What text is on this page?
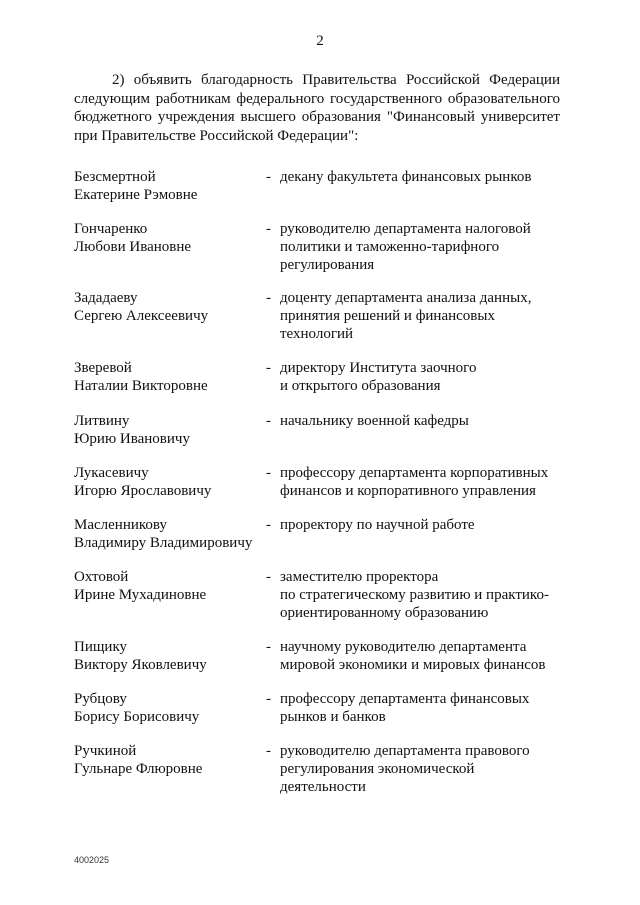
2
2) объявить благодарность Правительства Российской Федерации следующим работникам федерального государственного образовательного бюджетного учреждения высшего образования "Финансовый университет при Правительстве Российской Федерации":
Безсмертной
Екатерине Рэмовне
- декану факультета финансовых рынков
Гончаренко
Любови Ивановне
- руководителю департамента налоговой
политики и таможенно-тарифного
регулирования
Зададаеву
Сергею Алексеевичу
- доценту департамента анализа данных,
принятия решений и финансовых
технологий
Зверевой
Наталии Викторовне
- директору Института заочного
и открытого образования
Литвину
Юрию Ивановичу
- начальнику военной кафедры
Лукасевичу
Игорю Ярославовичу
- профессору департамента корпоративных
финансов и корпоративного управления
Масленникову
Владимиру Владимировичу
- проректору по научной работе
Охтовой
Ирине Мухадиновне
- заместителю проректора
по стратегическому развитию и практико-
ориентированному образованию
Пищику
Виктору Яковлевичу
- научному руководителю департамента
мировой экономики и мировых финансов
Рубцову
Борису Борисовичу
- профессору департамента финансовых
рынков и банков
Ручкиной
Гульнаре Флюровне
- руководителю департамента правового
регулирования экономической
деятельности
4002025
